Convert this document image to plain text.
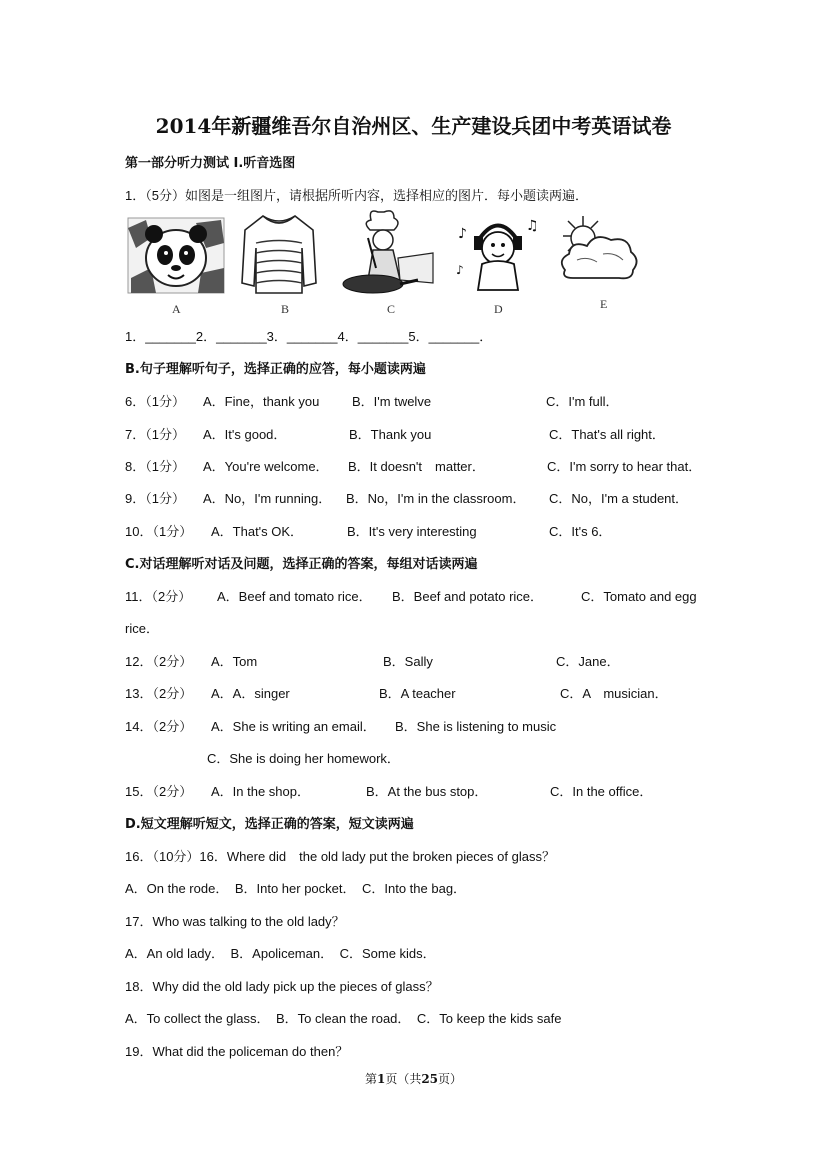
2014年新疆维吾尔自治州区、生产建设兵团中考英语试卷
第一部分听力测试 I.听音选图
1．（5分）如图是一组图片，请根据所听内容，选择相应的图片．每小题读两遍．
♪	♫
♪
A	B	C	D	E
1．_______2．_______3．_______4．_______5．_______．
B.句子理解听句子，选择正确的应答，每小题读两遍
6．（1分） A．Fine，thank you	B．I'm twelve	C．I'm full．
7．（1分） A．It's good．	B．Thank you	C．That's all right．
8．（1分） A．You're welcome． B．It doesn't　matter．	C．I'm sorry to hear that．
9．（1分） A．No，I'm running． B．No，I'm in the classroom． C．No，I'm a student．
10．（1分） A．That's OK．	B．It's very interesting	C．It's 6．
C.对话理解听对话及问题，选择正确的答案，每组对话读两遍
11．（2分） A．Beef and tomato rice． B．Beef and potato rice．	C．Tomato and egg
rice．
12．（2分） A．Tom	B．Sally	C．Jane．
13．（2分） A．A．singer	B．A teacher	C．A　musician．
14．（2分） A．She is writing an e﻿mail． B．She is listening to music
C．She is doing her homework．
15．（2分） A．In the shop．	B．At the bus stop．	C．In the office．
D.短文理解听短文，选择正确的答案，短文读两遍
16．（10分）16．Where did　the old lady put the broken pieces of glass？
A．On the rode．　B．Into her pocket．　C．Into the bag．
17．Who was talking to the old lady？
A．An old lady．　B．Apoliceman．　C．Some kids．
18．Why did the old lady pick up the pieces of glass？
A．To collect the glass．　B．To clean the road．　C．To keep the kids safe
19．What did the policeman do then？
第1页（共25页）
